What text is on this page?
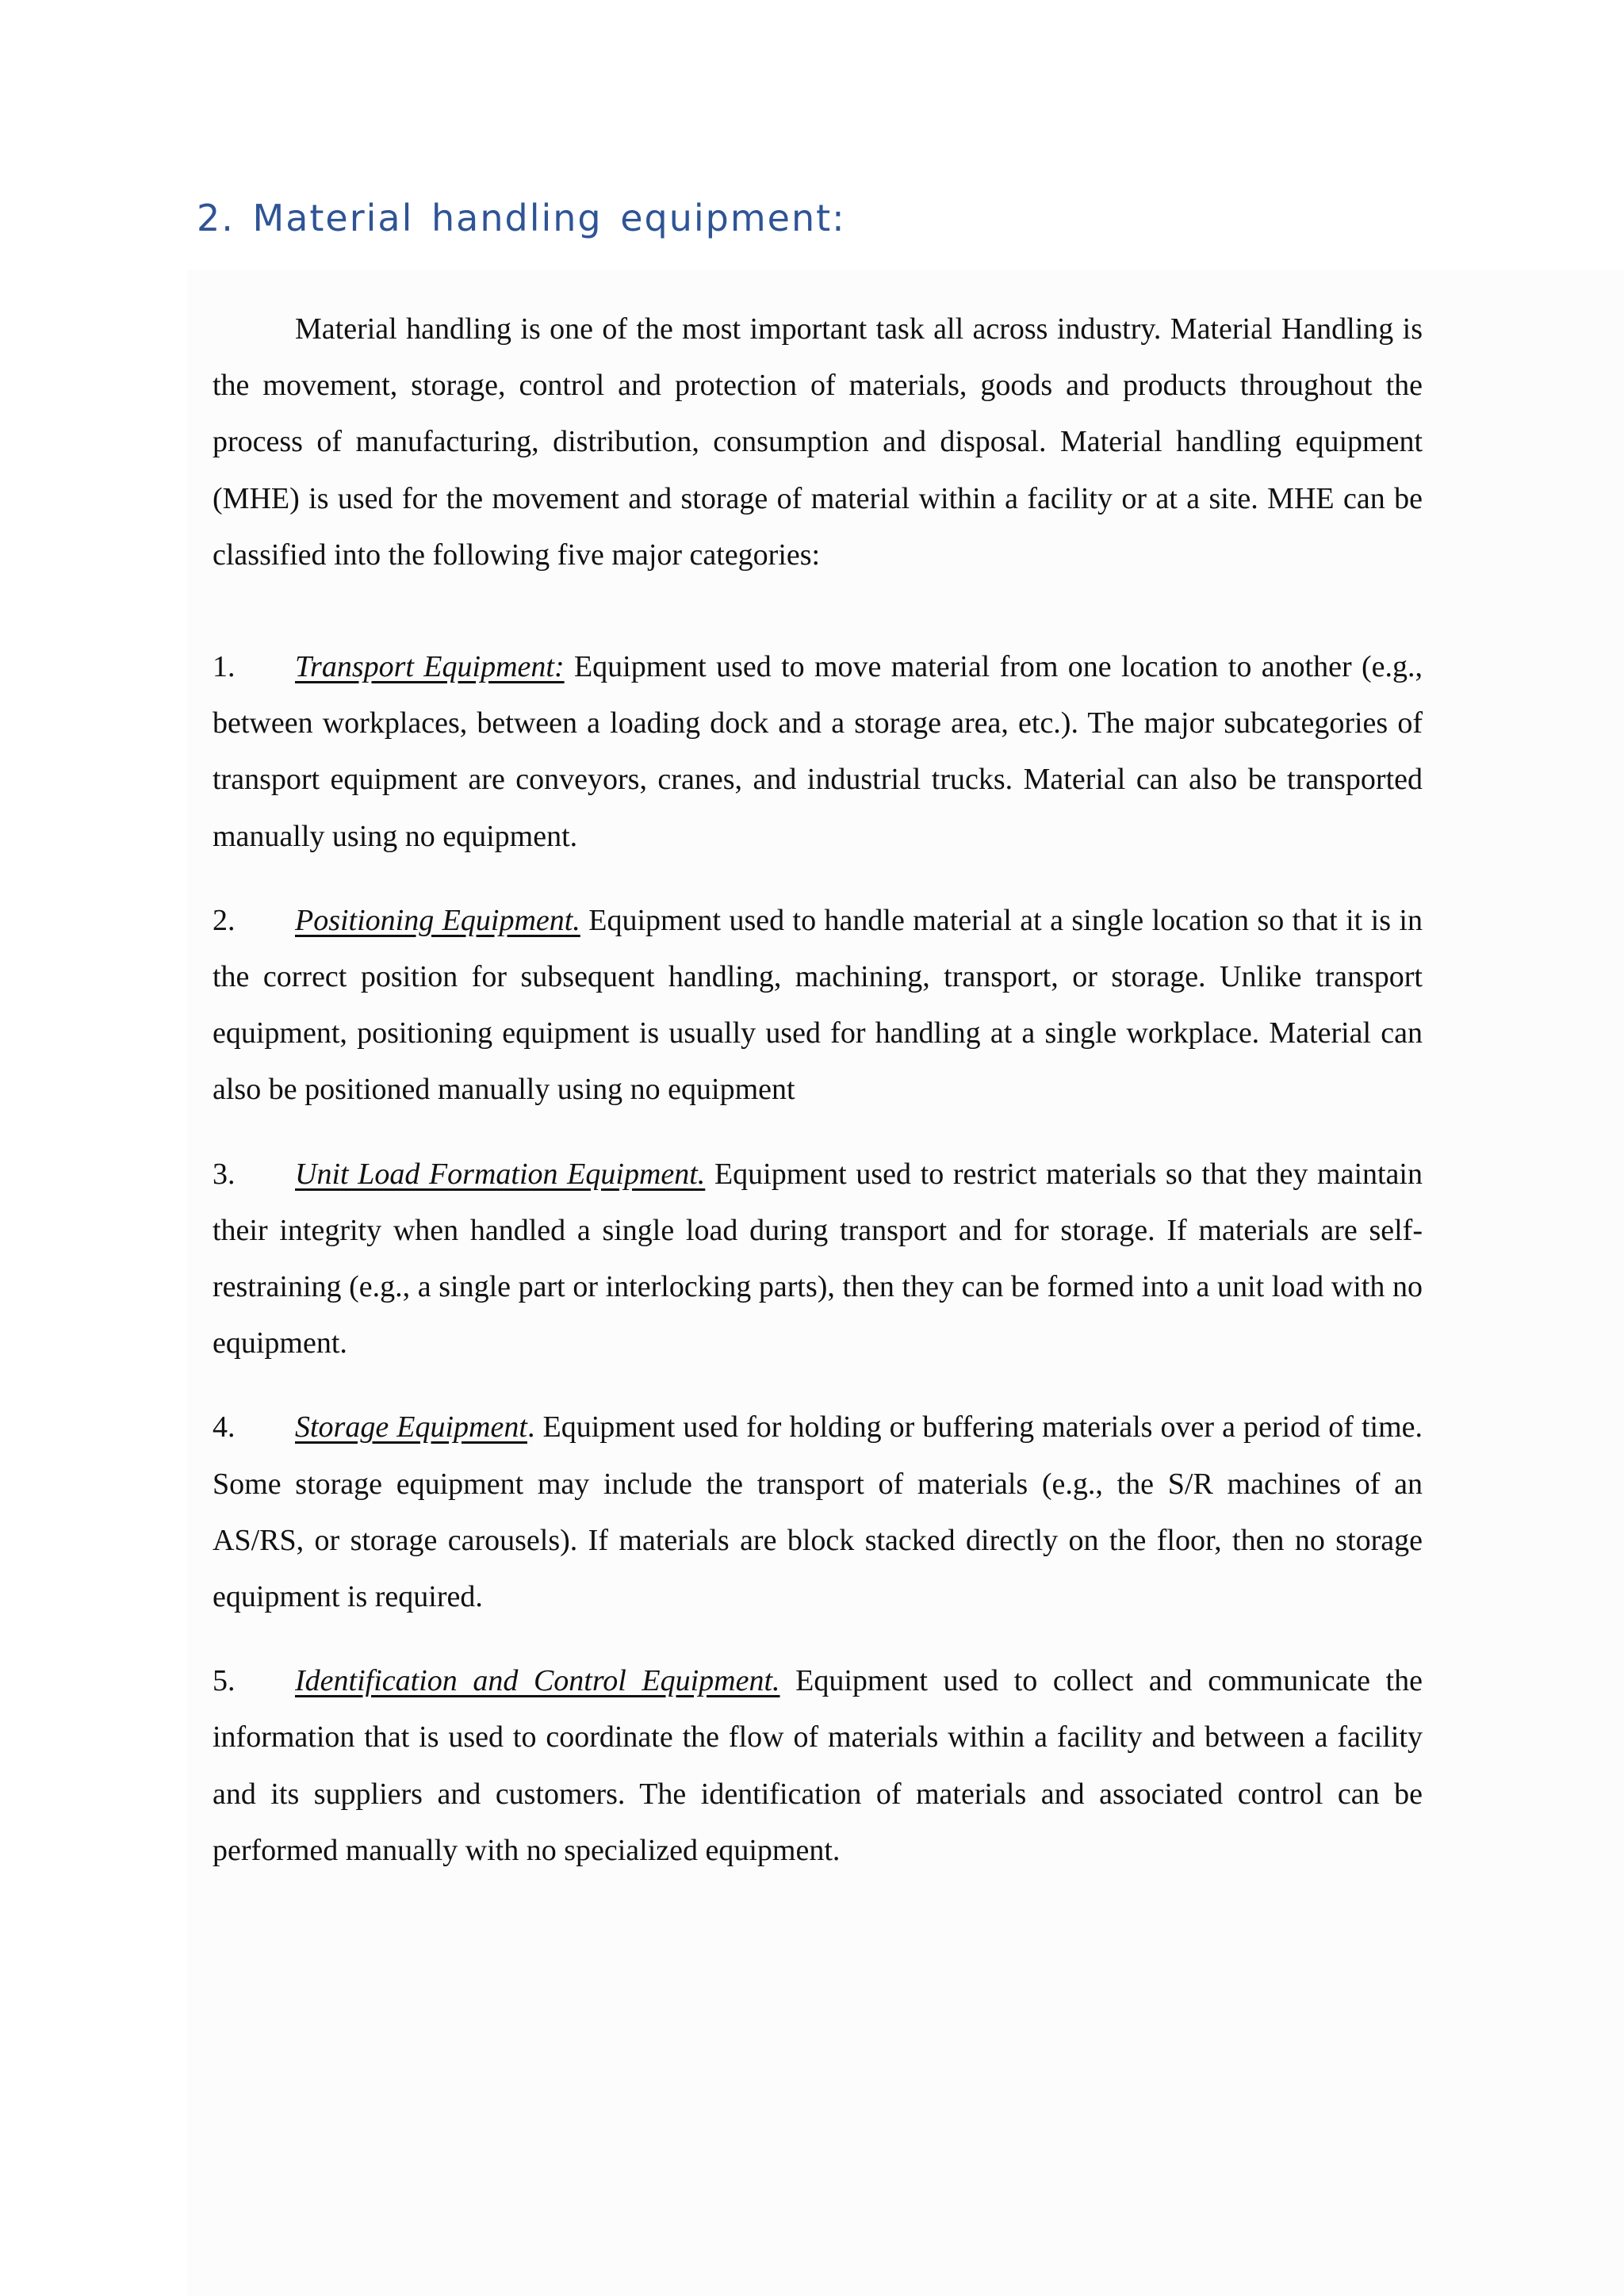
2. Material handling equipment:

Material handling is one of the most important task all across industry. Material Handling is the movement, storage, control and protection of materials, goods and products throughout the process of manufacturing, distribution, consumption and disposal. Material handling equipment (MHE) is used for the movement and storage of material within a facility or at a site. MHE can be classified into the following five major categories:

1. Transport Equipment: Equipment used to move material from one location to another (e.g., between workplaces, between a loading dock and a storage area, etc.). The major subcategories of transport equipment are conveyors, cranes, and industrial trucks. Material can also be transported manually using no equipment.
2. Positioning Equipment. Equipment used to handle material at a single location so that it is in the correct position for subsequent handling, machining, transport, or storage. Unlike transport equipment, positioning equipment is usually used for handling at a single workplace. Material can also be positioned manually using no equipment
3. Unit Load Formation Equipment. Equipment used to restrict materials so that they maintain their integrity when handled a single load during transport and for storage. If materials are self-restraining (e.g., a single part or interlocking parts), then they can be formed into a unit load with no equipment.
4. Storage Equipment. Equipment used for holding or buffering materials over a period of time. Some storage equipment may include the transport of materials (e.g., the S/R machines of an AS/RS, or storage carousels). If materials are block stacked directly on the floor, then no storage equipment is required.
5. Identification and Control Equipment. Equipment used to collect and communicate the information that is used to coordinate the flow of materials within a facility and between a facility and its suppliers and customers. The identification of materials and associated control can be performed manually with no specialized equipment.
